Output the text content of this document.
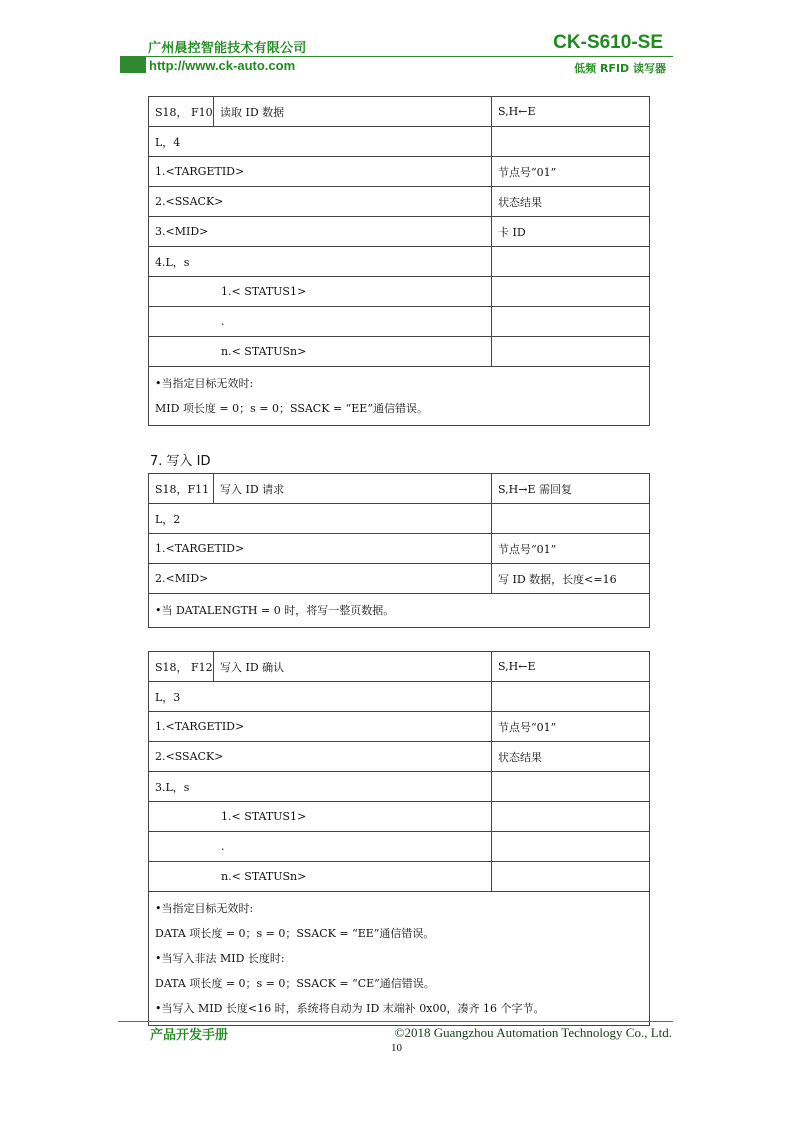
广州晨控智能技术有限公司	CK-S610-SE
http://www.ck-auto.com	低频 RFID 读写器
S18， F10	读取 ID 数据	S,H←E
L，4		
1.<TARGETID>		节点号“01”
2.<SSACK>		状态结果
3.<MID>		卡 ID
4.L，s		
1.< STATUS1>		
.		
n.< STATUSn>		

•当指定目标无效时:
MID 项长度 = 0；s = 0；SSACK = “EE”通信错误。		
7. 写入 ID
S18，F11	写入 ID 请求	S,H→E 需回复
L，2		
1.<TARGETID>		节点号“01”
2.<MID>		写 ID 数据，长度<=16

•当 DATALENGTH = 0 时，将写一整页数据。		
S18， F12	写入 ID 确认	S,H←E
L，3		
1.<TARGETID>		节点号“01”
2.<SSACK>		状态结果
3.L，s		
1.< STATUS1>		
.		
n.< STATUSn>		

•当指定目标无效时:
DATA 项长度 = 0；s = 0；SSACK = “EE”通信错误。
•当写入非法 MID 长度时:
DATA 项长度 = 0；s = 0；SSACK = “CE”通信错误。
•当写入 MID 长度<16 时，系统将自动为 ID 末端补 0x00，凑齐 16 个字节。		
产品开发手册	©2018 Guangzhou Automation Technology Co., Ltd.
10
